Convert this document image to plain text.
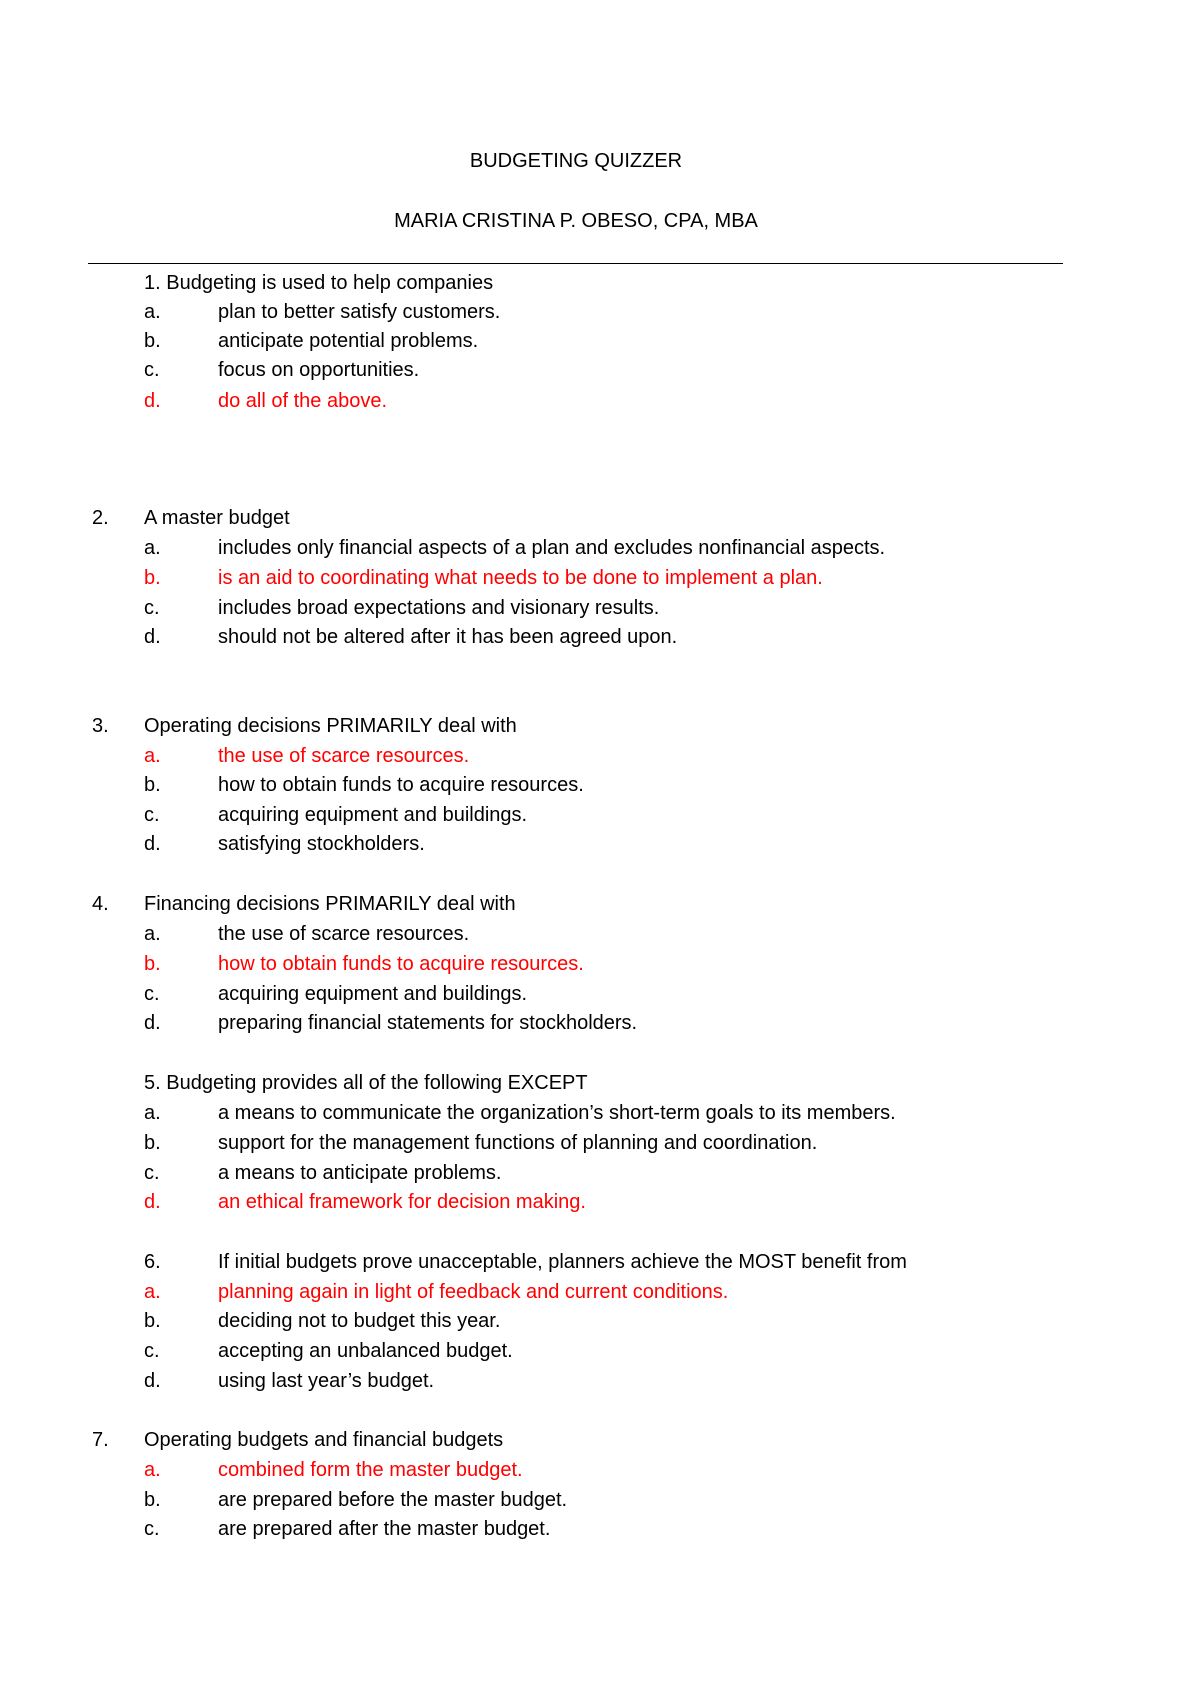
BUDGETING QUIZZER
MARIA CRISTINA P. OBESO, CPA, MBA
1. Budgeting is used to help companies
a.	plan to better satisfy customers.
b.	anticipate potential problems.
c.	focus on opportunities.
d.	do all of the above.
2. A master budget
a.	includes only financial aspects of a plan and excludes nonfinancial aspects.
b.	is an aid to coordinating what needs to be done to implement a plan.
c.	includes broad expectations and visionary results.
d.	should not be altered after it has been agreed upon.
3. Operating decisions PRIMARILY deal with
a.	the use of scarce resources.
b.	how to obtain funds to acquire resources.
c.	acquiring equipment and buildings.
d.	satisfying stockholders.
4. Financing decisions PRIMARILY deal with
a.	the use of scarce resources.
b.	how to obtain funds to acquire resources.
c.	acquiring equipment and buildings.
d.	preparing financial statements for stockholders.
5. Budgeting provides all of the following EXCEPT
a.	a means to communicate the organization’s short-term goals to its members.
b.	support for the management functions of planning and coordination.
c.	a means to anticipate problems.
d.	an ethical framework for decision making.
6.	If initial budgets prove unacceptable, planners achieve the MOST benefit from
a.	planning again in light of feedback and current conditions.
b.	deciding not to budget this year.
c.	accepting an unbalanced budget.
d.	using last year’s budget.
7. Operating budgets and financial budgets
a.	combined form the master budget.
b.	are prepared before the master budget.
c.	are prepared after the master budget.
